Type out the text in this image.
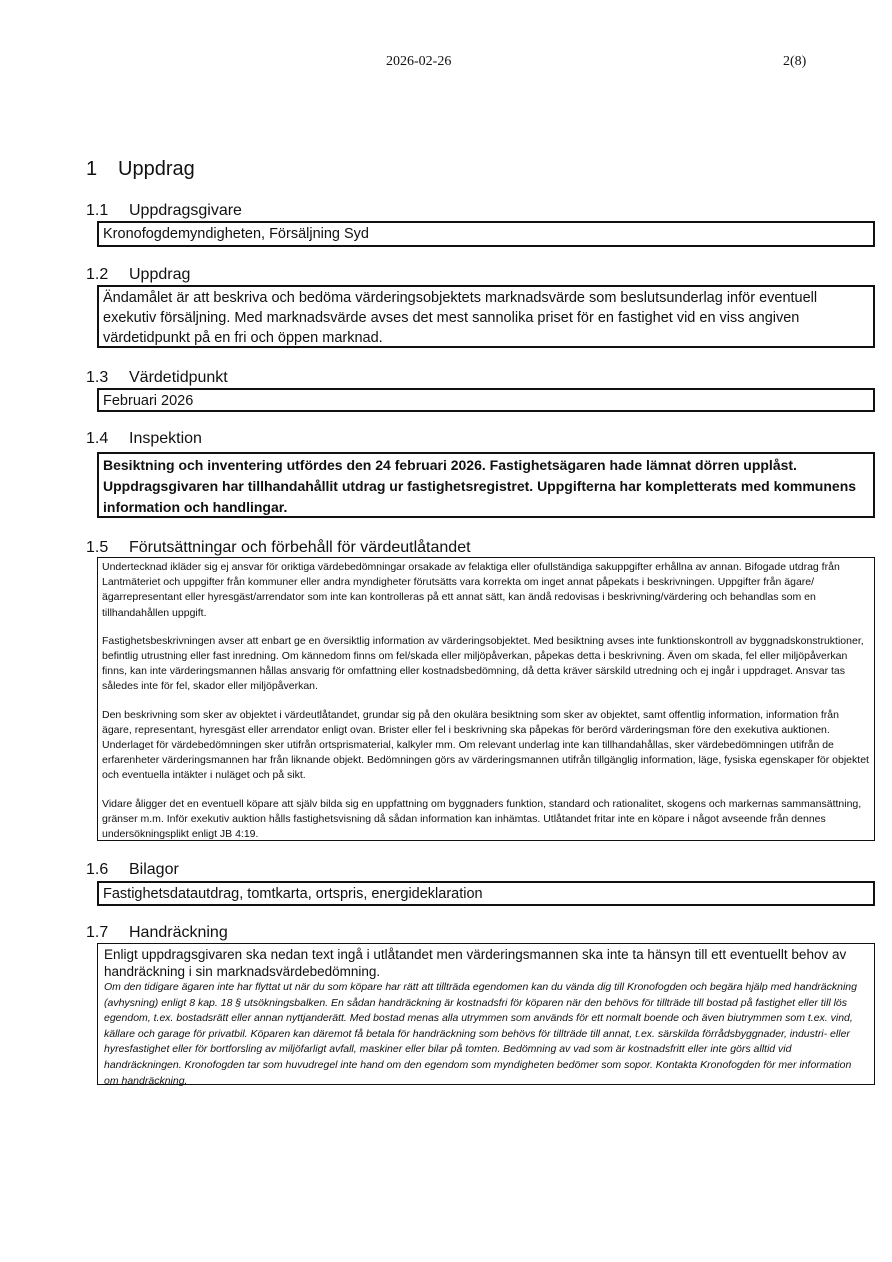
2026-02-26	2(8)
1	Uppdrag
1.1	Uppdragsgivare
Kronofogdemyndigheten, Försäljning Syd
1.2	Uppdrag
Ändamålet är att beskriva och bedöma värderingsobjektets marknadsvärde som beslutsunderlag inför eventuell exekutiv försäljning. Med marknadsvärde avses det mest sannolika priset för en fastighet vid en viss angiven värdetidpunkt på en fri och öppen marknad.
1.3	Värdetidpunkt
Februari 2026
1.4	Inspektion
Besiktning och inventering utfördes den 24 februari 2026. Fastighetsägaren hade lämnat dörren upplåst. Uppdragsgivaren har tillhandahållit utdrag ur fastighetsregistret. Uppgifterna har kompletterats med kommunens information och handlingar.
1.5	Förutsättningar och förbehåll för värdeutlåtandet

Undertecknad ikläder sig ej ansvar för oriktiga värdebedömningar orsakade av felaktiga eller ofullständiga sakuppgifter erhållna av annan. Bifogade utdrag från Lantmäteriet och uppgifter från kommuner eller andra myndigheter förutsätts vara korrekta om inget annat påpekats i beskrivningen. Uppgifter från ägare/ägarrepresentant eller hyresgäst/arrendator som inte kan kontrolleras på ett annat sätt, kan ändå redovisas i beskrivning/värdering och behandlas som en tillhandahållen uppgift.

Fastighetsbeskrivningen avser att enbart ge en översiktlig information av värderingsobjektet. Med besiktning avses inte funktionskontroll av byggnadskonstruktioner, befintlig utrustning eller fast inredning. Om kännedom finns om fel/skada eller miljöpåverkan, påpekas detta i beskrivning. Även om skada, fel eller miljöpåverkan finns, kan inte värderingsmannen hållas ansvarig för omfattning eller kostnadsbedömning, då detta kräver särskild utredning och ej ingår i uppdraget. Ansvar tas således inte för fel, skador eller miljöpåverkan.

Den beskrivning som sker av objektet i värdeutlåtandet, grundar sig på den okulära besiktning som sker av objektet, samt offentlig information, information från ägare, representant, hyresgäst eller arrendator enligt ovan. Brister eller fel i beskrivning ska påpekas för berörd värderingsman före den exekutiva auktionen. Underlaget för värdebedömningen sker utifrån ortsprismaterial, kalkyler mm. Om relevant underlag inte kan tillhandahållas, sker värdebedömningen utifrån de erfarenheter värderingsmannen har från liknande objekt. Bedömningen görs av värderingsmannen utifrån tillgänglig information, läge, fysiska egenskaper för objektet och eventuella intäkter i nuläget och på sikt.

Vidare åligger det en eventuell köpare att själv bilda sig en uppfattning om byggnaders funktion, standard och rationalitet, skogens och markernas sammansättning, gränser m.m. Inför exekutiv auktion hålls fastighetsvisning då sådan information kan inhämtas. Utlåtandet fritar inte en köpare i något avseende från dennes undersökningsplikt enligt JB 4:19.

1.6	Bilagor
Fastighetsdatautdrag, tomtkarta, ortspris, energideklaration
1.7	Handräckning
Enligt uppdragsgivaren ska nedan text ingå i utlåtandet men värderingsmannen ska inte ta hänsyn till ett eventuellt behov av handräckning i sin marknadsvärdebedömning.

Om den tidigare ägaren inte har flyttat ut när du som köpare har rätt att tillträda egendomen kan du vända dig till Kronofogden och begära hjälp med handräckning (avhysning) enligt 8 kap. 18 § utsökningsbalken. En sådan handräckning är kostnadsfri för köparen när den behövs för tillträde till bostad på fastighet eller till lös egendom, t.ex. bostadsrätt eller annan nyttjanderätt. Med bostad menas alla utrymmen som används för ett normalt boende och även biutrymmen som t.ex. vind, källare och garage för privatbil. Köparen kan däremot få betala för handräckning som behövs för tillträde till annat, t.ex. särskilda förrådsbyggnader, industri- eller hyresfastighet eller för bortforsling av miljöfarligt avfall, maskiner eller bilar på tomten. Bedömning av vad som är kostnadsfritt eller inte görs alltid vid handräckningen. Kronofogden tar som huvudregel inte hand om den egendom som myndigheten bedömer som sopor. Kontakta Kronofogden för mer information om handräckning.
